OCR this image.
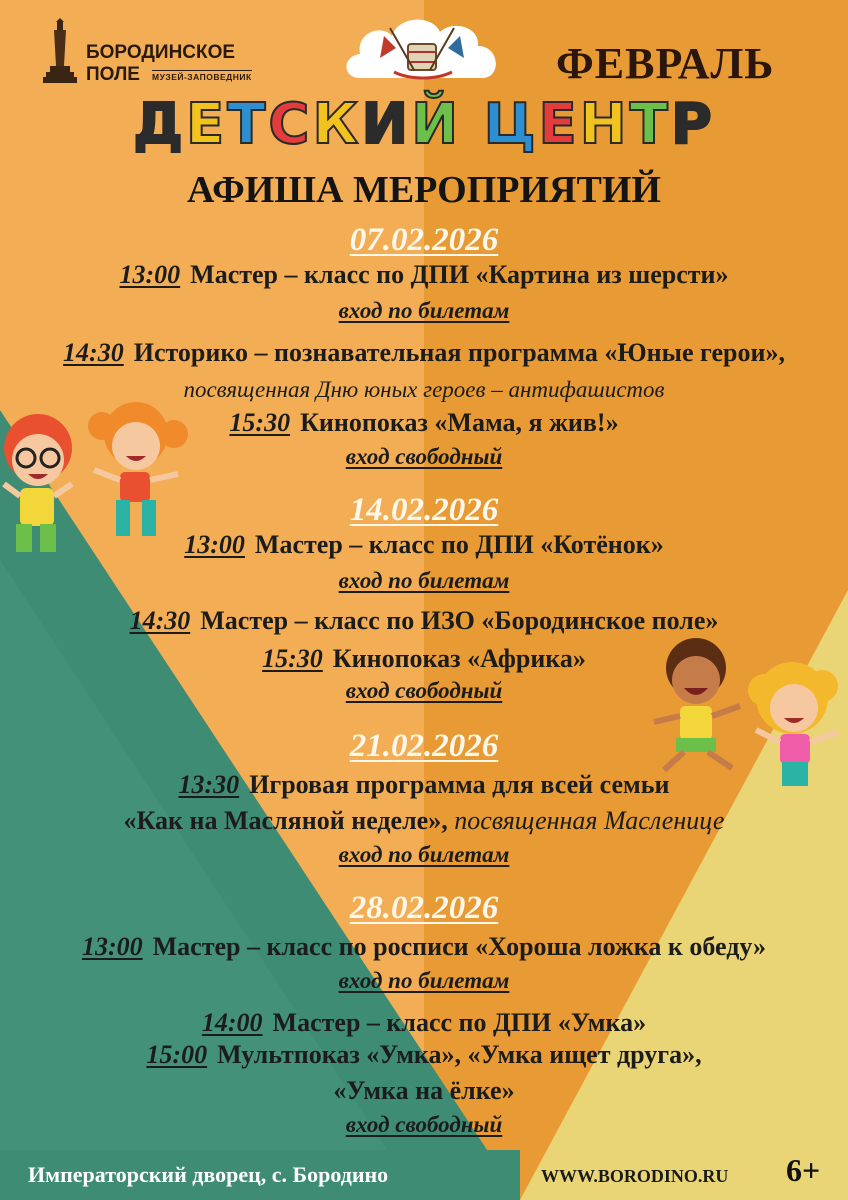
БОРОДИНСКОЕ
ПОЛЕ МУЗЕЙ-ЗАПОВЕДНИК	ФЕВРАЛЬ
ДЕТСКИЙ ЦЕНТР
АФИША МЕРОПРИЯТИЙ
07.02.2026
13:00 Мастер – класс по ДПИ «Картина из шерсти»
вход по билетам
14:30 Историко – познавательная программа «Юные герои»,
посвященная Дню юных героев – антифашистов
15:30 Кинопоказ «Мама, я жив!»
вход свободный
14.02.2026
13:00 Мастер – класс по ДПИ «Котёнок»
вход по билетам
14:30 Мастер – класс по ИЗО «Бородинское поле»
15:30 Кинопоказ «Африка»
вход свободный
21.02.2026
13:30 Игровая программа для всей семьи
«Как на Масляной неделе», посвященная Масленице
вход по билетам
28.02.2026
13:00 Мастер – класс по росписи «Хороша ложка к обеду»
вход по билетам
14:00 Мастер – класс по ДПИ «Умка»
15:00 Мультпоказ «Умка», «Умка ищет друга»,
«Умка на ёлке»
вход свободный
Императорский дворец, с. Бородино	WWW.BORODINO.RU 6+
